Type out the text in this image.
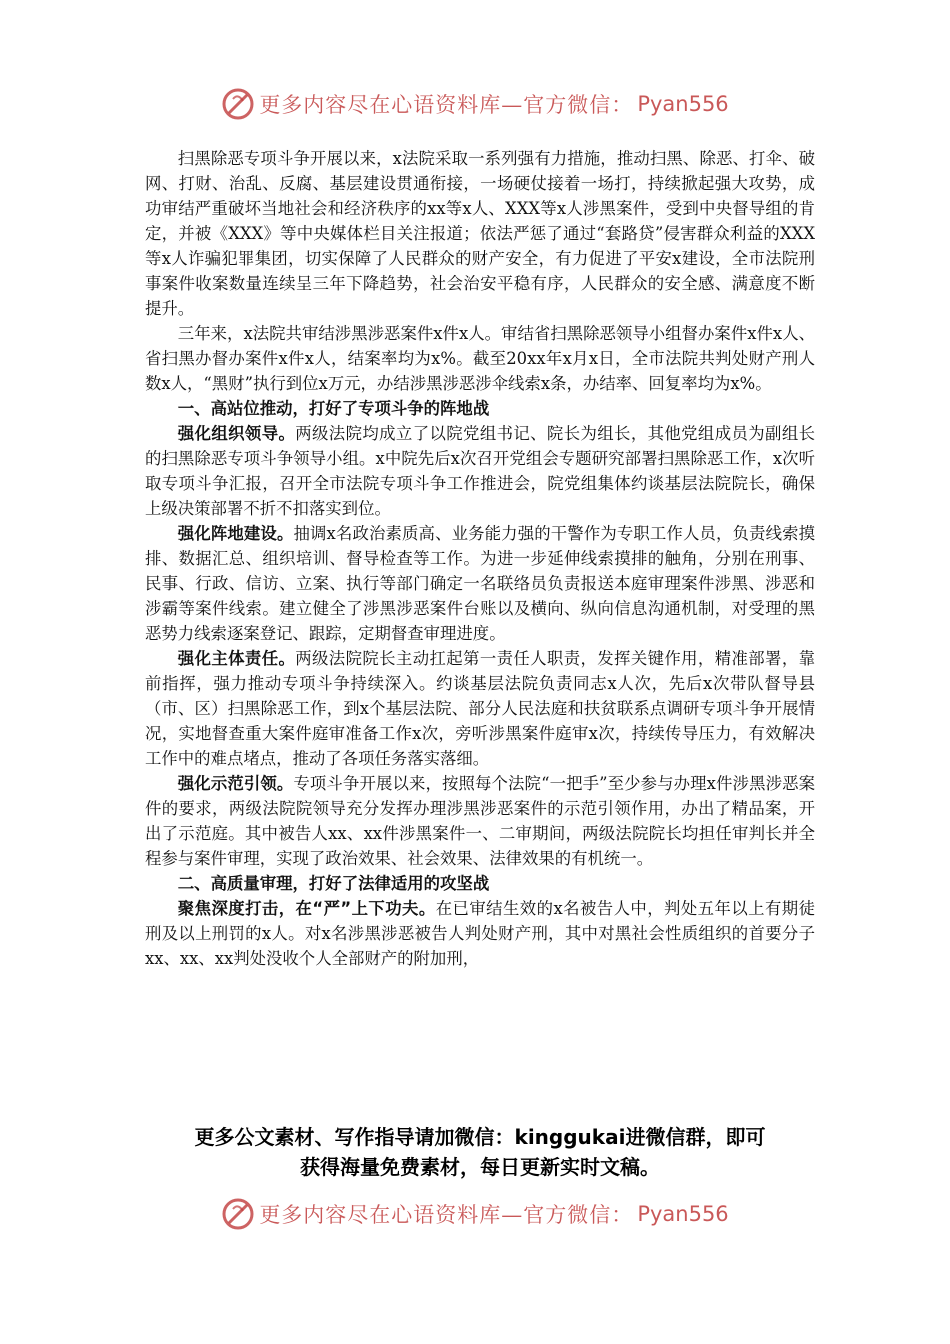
更多内容尽在心语资料库—官方微信： Pyan556

扫黑除恶专项斗争开展以来，x法院采取一系列强有力措施，推动扫黑、除恶、打伞、破网、打财、治乱、反腐、基层建设贯通衔接，一场硬仗接着一场打，持续掀起强大攻势，成功审结严重破坏当地社会和经济秩序的xx等x人、XXX等x人涉黑案件，受到中央督导组的肯定，并被《XXX》等中央媒体栏目关注报道；依法严惩了通过“套路贷”侵害群众利益的XXX等x人诈骗犯罪集团，切实保障了人民群众的财产安全，有力促进了平安x建设，全市法院刑事案件收案数量连续呈三年下降趋势，社会治安平稳有序，人民群众的安全感、满意度不断提升。

三年来，x法院共审结涉黑涉恶案件x件x人。审结省扫黑除恶领导小组督办案件x件x人、省扫黑办督办案件x件x人，结案率均为x%。截至20xx年x月x日，全市法院共判处财产刑人数x人，“黑财”执行到位x万元，办结涉黑涉恶涉伞线索x条，办结率、回复率均为x%。

一、高站位推动，打好了专项斗争的阵地战

强化组织领导。两级法院均成立了以院党组书记、院长为组长，其他党组成员为副组长的扫黑除恶专项斗争领导小组。x中院先后x次召开党组会专题研究部署扫黑除恶工作，x次听取专项斗争汇报，召开全市法院专项斗争工作推进会，院党组集体约谈基层法院院长，确保上级决策部署不折不扣落实到位。

强化阵地建设。抽调x名政治素质高、业务能力强的干警作为专职工作人员，负责线索摸排、数据汇总、组织培训、督导检查等工作。为进一步延伸线索摸排的触角，分别在刑事、民事、行政、信访、立案、执行等部门确定一名联络员负责报送本庭审理案件涉黑、涉恶和涉霸等案件线索。建立健全了涉黑涉恶案件台账以及横向、纵向信息沟通机制，对受理的黑恶势力线索逐案登记、跟踪，定期督查审理进度。

强化主体责任。两级法院院长主动扛起第一责任人职责，发挥关键作用，精准部署，靠前指挥，强力推动专项斗争持续深入。约谈基层法院负责同志x人次，先后x次带队督导县（市、区）扫黑除恶工作，到x个基层法院、部分人民法庭和扶贫联系点调研专项斗争开展情况，实地督查重大案件庭审准备工作x次，旁听涉黑案件庭审x次，持续传导压力，有效解决工作中的难点堵点，推动了各项任务落实落细。

强化示范引领。专项斗争开展以来，按照每个法院“一把手”至少参与办理x件涉黑涉恶案件的要求，两级法院院领导充分发挥办理涉黑涉恶案件的示范引领作用，办出了精品案，开出了示范庭。其中被告人xx、xx件涉黑案件一、二审期间，两级法院院长均担任审判长并全程参与案件审理，实现了政治效果、社会效果、法律效果的有机统一。

二、高质量审理，打好了法律适用的攻坚战

聚焦深度打击，在“严”上下功夫。在已审结生效的x名被告人中，判处五年以上有期徒刑及以上刑罚的x人。对x名涉黑涉恶被告人判处财产刑，其中对黑社会性质组织的首要分子xx、xx、xx判处没收个人全部财产的附加刑，

更多公文素材、写作指导请加微信：kinggukai进微信群，即可
获得海量免费素材，每日更新实时文稿。
更多内容尽在心语资料库—官方微信： Pyan556
